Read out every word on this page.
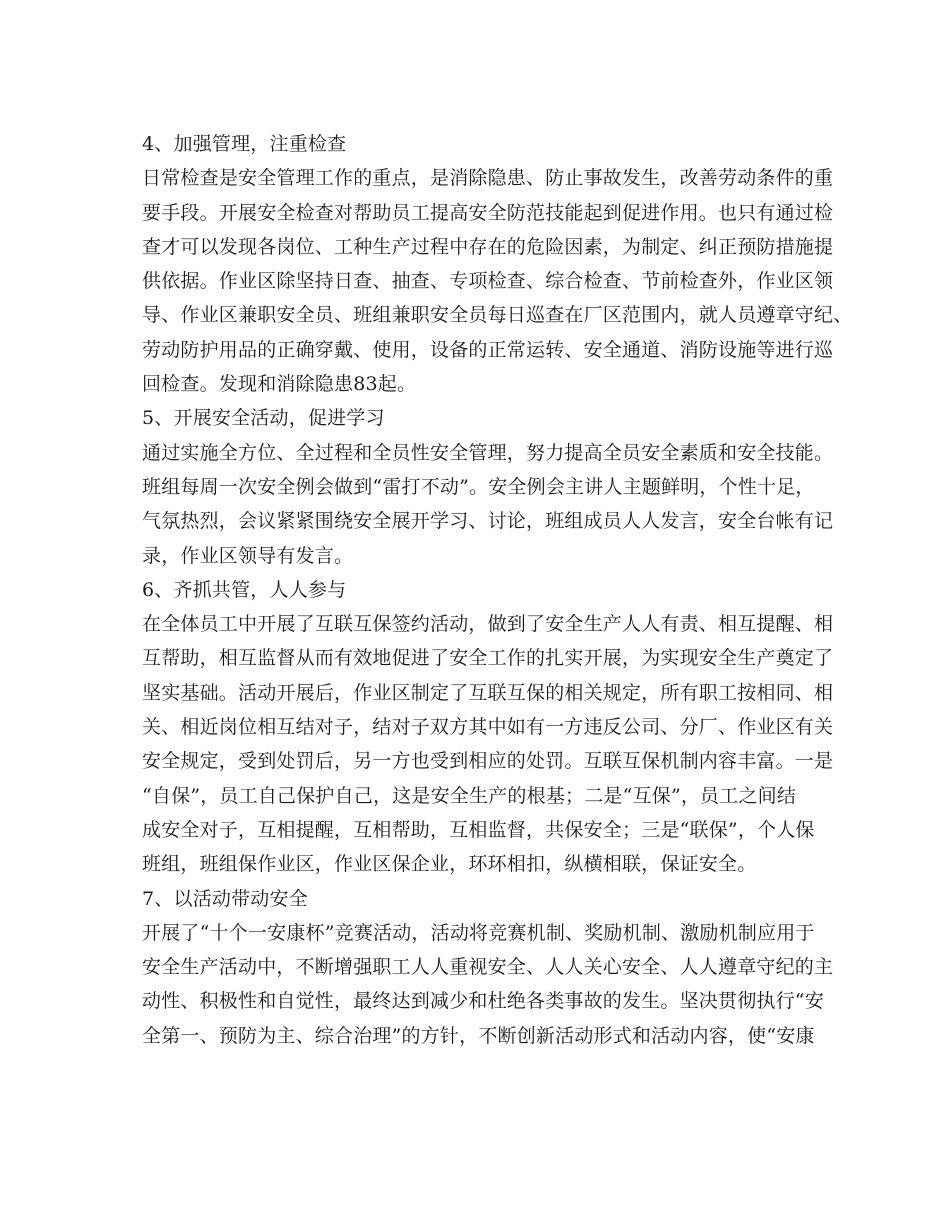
4、加强管理，注重检查
日常检查是安全管理工作的重点，是消除隐患、防止事故发生，改善劳动条件的重
要手段。开展安全检查对帮助员工提高安全防范技能起到促进作用。也只有通过检
查才可以发现各岗位、工种生产过程中存在的危险因素，为制定、纠正预防措施提
供依据。作业区除坚持日查、抽查、专项检查、综合检查、节前检查外，作业区领
导、作业区兼职安全员、班组兼职安全员每日巡查在厂区范围内，就人员遵章守纪、
劳动防护用品的正确穿戴、使用，设备的正常运转、安全通道、消防设施等进行巡
回检查。发现和消除隐患83起。
5、开展安全活动，促进学习
通过实施全方位、全过程和全员性安全管理，努力提高全员安全素质和安全技能。
班组每周一次安全例会做到“雷打不动”。安全例会主讲人主题鲜明，个性十足，
气氛热烈，会议紧紧围绕安全展开学习、讨论，班组成员人人发言，安全台帐有记
录，作业区领导有发言。
6、齐抓共管，人人参与
在全体员工中开展了互联互保签约活动，做到了安全生产人人有责、相互提醒、相
互帮助，相互监督从而有效地促进了安全工作的扎实开展，为实现安全生产奠定了
坚实基础。活动开展后，作业区制定了互联互保的相关规定，所有职工按相同、相
关、相近岗位相互结对子，结对子双方其中如有一方违反公司、分厂、作业区有关
安全规定，受到处罚后，另一方也受到相应的处罚。互联互保机制内容丰富。一是
“自保”，员工自己保护自己，这是安全生产的根基；二是“互保”，员工之间结
成安全对子，互相提醒，互相帮助，互相监督，共保安全；三是“联保”，个人保
班组，班组保作业区，作业区保企业，环环相扣，纵横相联，保证安全。
7、以活动带动安全
开展了“十个一安康杯”竞赛活动，活动将竞赛机制、奖励机制、激励机制应用于
安全生产活动中，不断增强职工人人重视安全、人人关心安全、人人遵章守纪的主
动性、积极性和自觉性，最终达到减少和杜绝各类事故的发生。坚决贯彻执行“安
全第一、预防为主、综合治理”的方针，不断创新活动形式和活动内容，使“安康
